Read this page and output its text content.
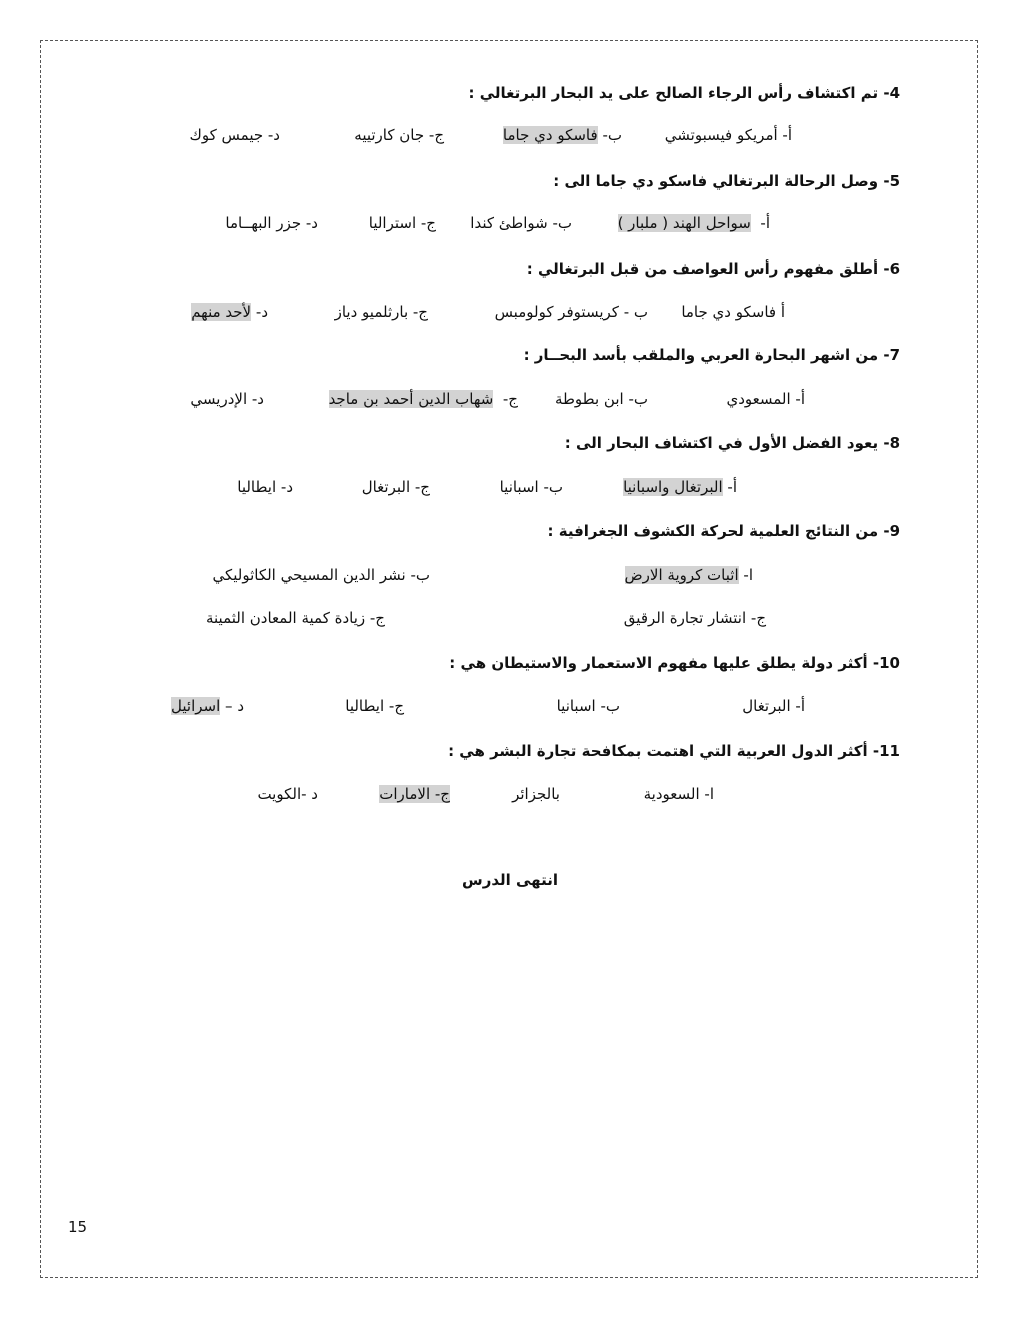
4- تم اكتشاف رأس الرجاء الصالح على يد البحار البرتغالي :
أ- أمريكو فيسبوتشي
ب- فاسكو دي جاما
ج- جان كارتييه
د- جيمس كوك
5- وصل الرحالة البرتغالي فاسكو دي جاما الى :
أ-  سواحل الهند ( ملبار )
ب- شواطئ كندا
ج- استراليا
د- جزر البهــاما
6- أطلق مفهوم رأس العواصف من قبل البرتغالي :
أ فاسكو دي جاما
ب - كريستوفر كولومبس
ج- بارثلميو دياز
د- لأحد منهم
7- من اشهر البحارة العربي والملقب بأسد البحــار :
أ- المسعودي
ب- ابن بطوطة
ج-  شهاب الدين أحمد بن ماجد
د- الإدريسي
8- يعود الفضل الأول في اكتشاف البحار الى :
أ- البرتغال واسبانيا
ب- اسبانيا
ج- البرتغال
د- ايطاليا
9- من النتائج العلمية لحركة الكشوف الجغرافية :
ا- اثبات كروية الارض
ب- نشر الدين المسيحي الكاثوليكي
ج- انتشار تجارة الرقيق
ج- زيادة كمية المعادن الثمينة
10- أكثر دولة يطلق عليها مفهوم الاستعمار والاستيطان هي :
أ- البرتغال
ب- اسبانيا
ج- ايطاليا
د – اسرائيل
11- أكثر الدول العربية التي اهتمت بمكافحة تجارة البشر هي :
ا- السعودية
بالجزائر
ج- الامارات
د -الكويت
انتهى الدرس
15
